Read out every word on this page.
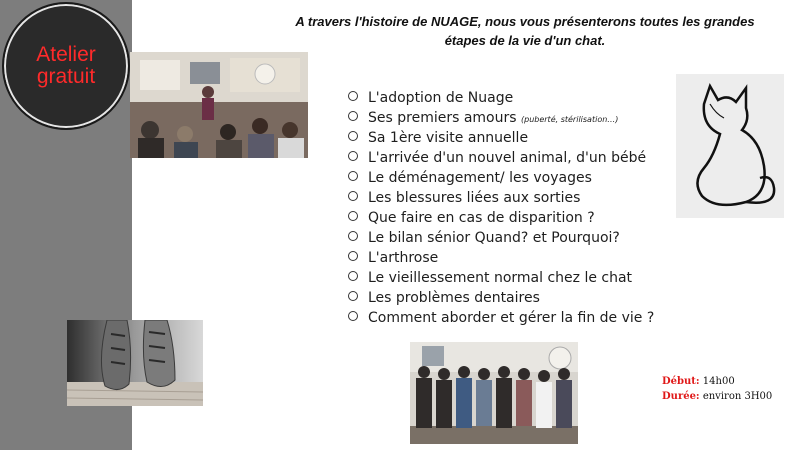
Atelier
gratuit
A travers l'histoire de NUAGE, nous vous présenterons toutes les grandes étapes de la vie d'un chat.
L'adoption de Nuage
Ses premiers amours (puberté, stérilisation…)
Sa 1ère visite annuelle
L'arrivée d'un nouvel animal, d'un bébé
Le déménagement/ les voyages
Les blessures liées aux sorties
Que faire en cas de disparition ?
Le bilan sénior Quand? et Pourquoi?
L'arthrose
Le vieillessement normal chez le chat
Les problèmes dentaires
Comment aborder et gérer la fin de vie ?
Début: 14h00
Durée: environ 3H00
